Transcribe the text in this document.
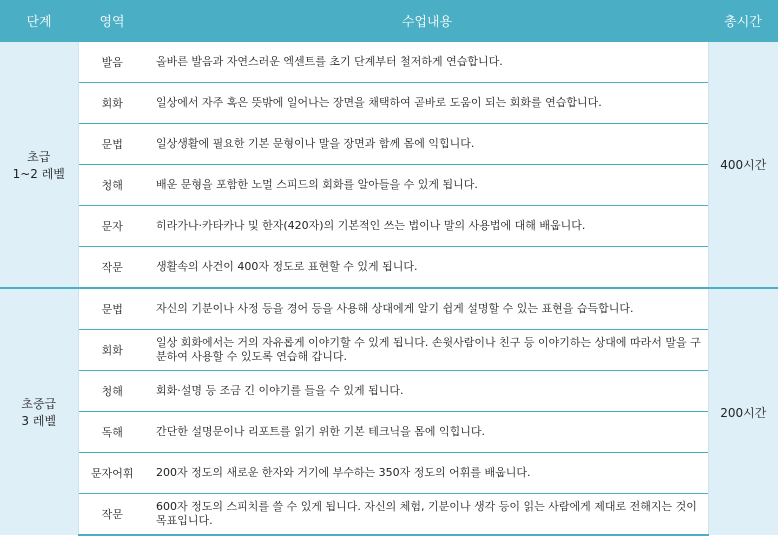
단계	영역	수업내용	총시간

초급
1~2 레벨	발음	올바른 발음과 자연스러운 엑센트를 초기 단계부터 철저하게 연습합니다.	400시간
	회화	일상에서 자주 혹은 뜻밖에 일어나는 장면을 채택하여 곧바로 도움이 되는 회화를 연습합니다.	
	문법	일상생활에 필요한 기본 문형이나 말을 장면과 함께 몸에 익힙니다.	
	청해	배운 문형을 포함한 노멀 스피드의 회화를 알아들을 수 있게 됩니다.	
	문자	히라가나·카타카나 및 한자(420자)의 기본적인 쓰는 법이나 말의 사용법에 대해 배웁니다.	
	작문	생활속의 사건이 400자 정도로 표현할 수 있게 됩니다.	

초중급
3 레벨	문법	자신의 기분이나 사정 등을 경어 등을 사용해 상대에게 알기 쉽게 설명할 수 있는 표현을 습득합니다.	200시간
	회화	일상 회화에서는 거의 자유롭게 이야기할 수 있게 됩니다. 손윗사람이나 친구 등 이야기하는 상대에 따라서 말을 구분하여 사용할 수 있도록 연습해 갑니다.	
	청해	회화·설명 등 조금 긴 이야기를 들을 수 있게 됩니다.	
	독해	간단한 설명문이나 리포트를 읽기 위한 기본 테크닉을 몸에 익힙니다.	
	문자어휘	200자 정도의 새로운 한자와 거기에 부수하는 350자 정도의 어휘를 배웁니다.	
	작문	600자 정도의 스피치를 쓸 수 있게 됩니다. 자신의 체험, 기분이나 생각 등이 읽는 사람에게 제대로 전해지는 것이 목표입니다.	
